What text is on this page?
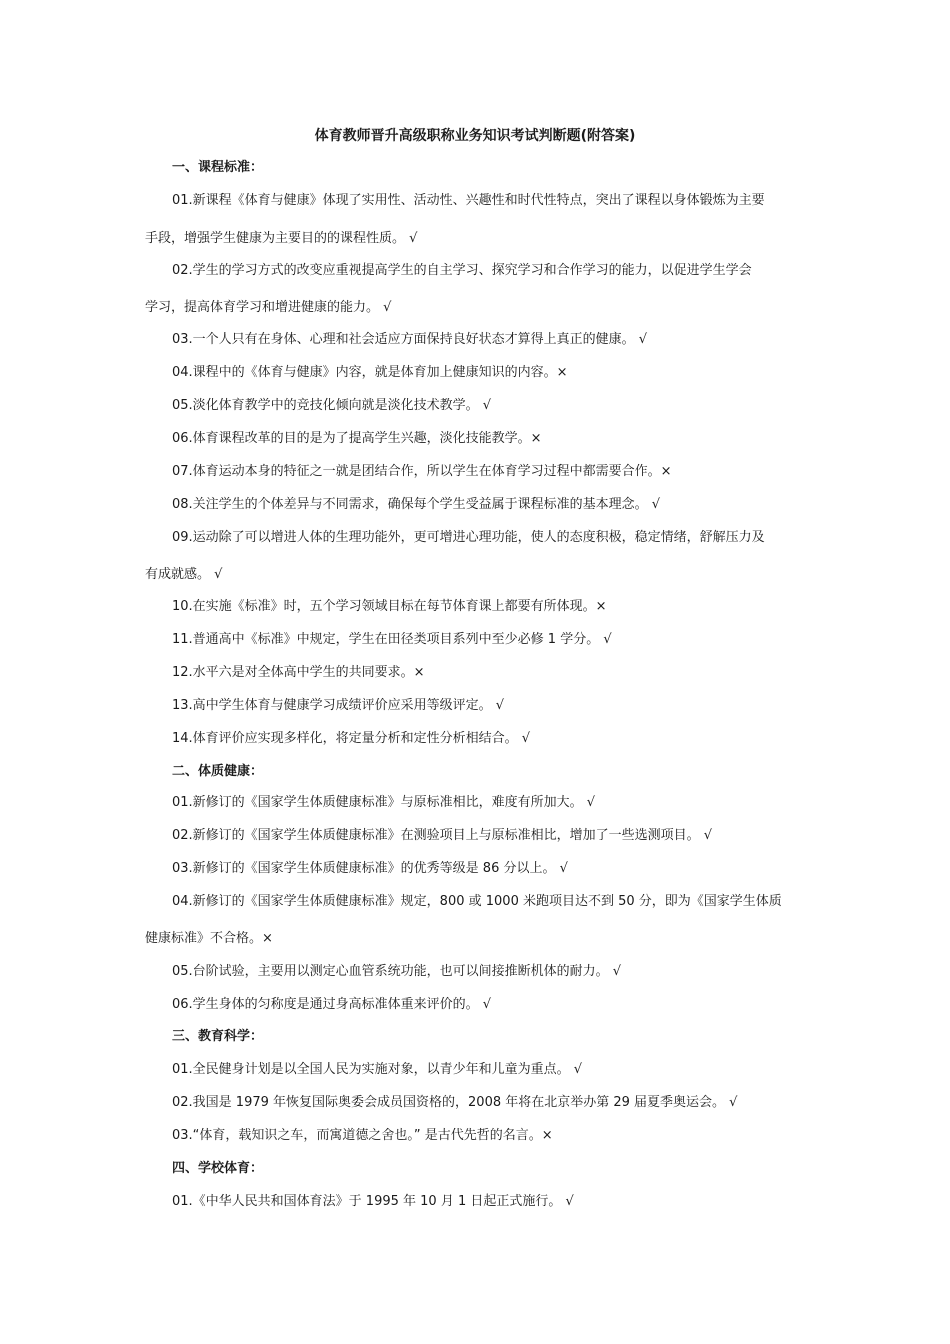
体育教师晋升高级职称业务知识考试判断题(附答案)
一、课程标准：
01.新课程《体育与健康》体现了实用性、活动性、兴趣性和时代性特点，突出了课程以身体锻炼为主要
手段，增强学生健康为主要目的的课程性质。 √
02.学生的学习方式的改变应重视提高学生的自主学习、探究学习和合作学习的能力，以促进学生学会
学习，提高体育学习和增进健康的能力。 √
03.一个人只有在身体、心理和社会适应方面保持良好状态才算得上真正的健康。 √
04.课程中的《体育与健康》内容，就是体育加上健康知识的内容。×
05.淡化体育教学中的竞技化倾向就是淡化技术教学。 √
06.体育课程改革的目的是为了提高学生兴趣，淡化技能教学。×
07.体育运动本身的特征之一就是团结合作，所以学生在体育学习过程中都需要合作。×
08.关注学生的个体差异与不同需求，确保每个学生受益属于课程标准的基本理念。 √
09.运动除了可以增进人体的生理功能外，更可增进心理功能，使人的态度积极，稳定情绪，舒解压力及
有成就感。 √
10.在实施《标准》时，五个学习领域目标在每节体育课上都要有所体现。×
11.普通高中《标准》中规定，学生在田径类项目系列中至少必修 1 学分。 √
12.水平六是对全体高中学生的共同要求。×
13.高中学生体育与健康学习成绩评价应采用等级评定。 √
14.体育评价应实现多样化，将定量分析和定性分析相结合。 √
二、体质健康：
01.新修订的《国家学生体质健康标准》与原标准相比，难度有所加大。 √
02.新修订的《国家学生体质健康标准》在测验项目上与原标准相比，增加了一些选测项目。 √
03.新修订的《国家学生体质健康标准》的优秀等级是 86 分以上。 √
04.新修订的《国家学生体质健康标准》规定，800 或 1000 米跑项目达不到 50 分，即为《国家学生体质
健康标准》不合格。×
05.台阶试验，主要用以测定心血管系统功能，也可以间接推断机体的耐力。 √
06.学生身体的匀称度是通过身高标准体重来评价的。 √
三、教育科学：
01.全民健身计划是以全国人民为实施对象，以青少年和儿童为重点。 √
02.我国是 1979 年恢复国际奥委会成员国资格的，2008 年将在北京举办第 29 届夏季奥运会。 √
03.“体育，载知识之车，而寓道德之舍也。” 是古代先哲的名言。×
四、学校体育：
01.《中华人民共和国体育法》于 1995 年 10 月 1 日起正式施行。 √
